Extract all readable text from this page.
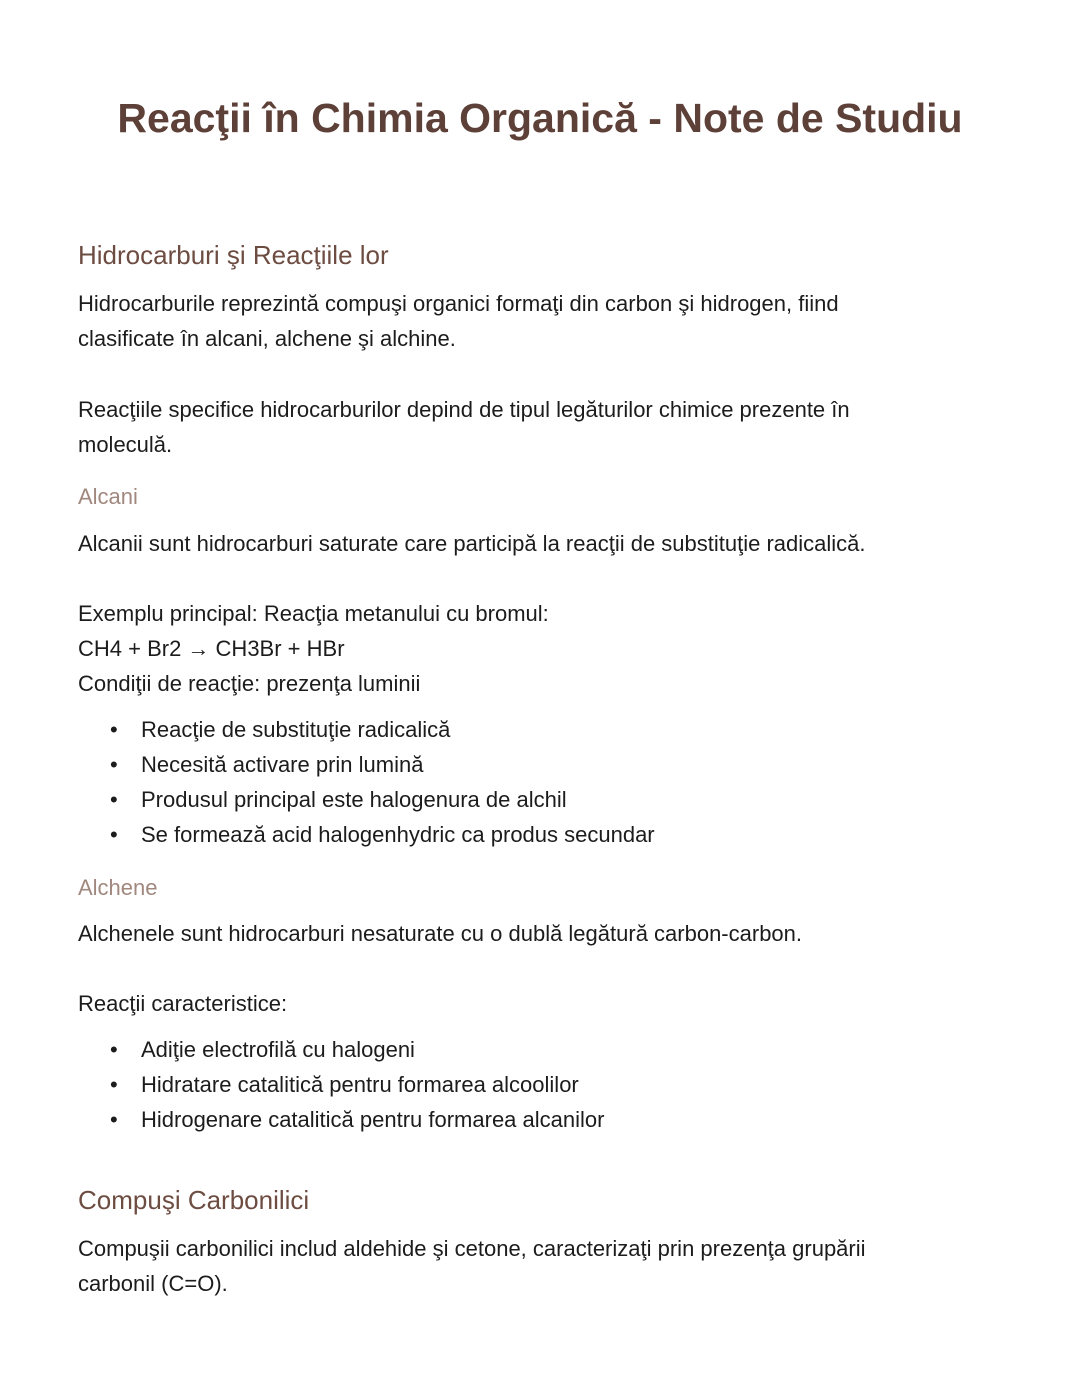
Reacţii în Chimia Organică - Note de Studiu
Hidrocarburi şi Reacţiile lor
Hidrocarburile reprezintă compuşi organici formaţi din carbon şi hidrogen, fiind
clasificate în alcani, alchene şi alchine.
Reacţiile specifice hidrocarburilor depind de tipul legăturilor chimice prezente în
moleculă.
Alcani
Alcanii sunt hidrocarburi saturate care participă la reacţii de substituţie radicalică.
Exemplu principal: Reacţia metanului cu bromul:
CH4 + Br2 → CH3Br + HBr
Condiţii de reacţie: prezenţa luminii
• Reacţie de substituţie radicalică
• Necesită activare prin lumină
• Produsul principal este halogenura de alchil
• Se formează acid halogenhydric ca produs secundar
Alchene
Alchenele sunt hidrocarburi nesaturate cu o dublă legătură carbon-carbon.
Reacţii caracteristice:
• Adiţie electrofilă cu halogeni
• Hidratare catalitică pentru formarea alcoolilor
• Hidrogenare catalitică pentru formarea alcanilor
Compuşi Carbonilici
Compuşii carbonilici includ aldehide şi cetone, caracterizaţi prin prezenţa grupării
carbonil (C=O).
